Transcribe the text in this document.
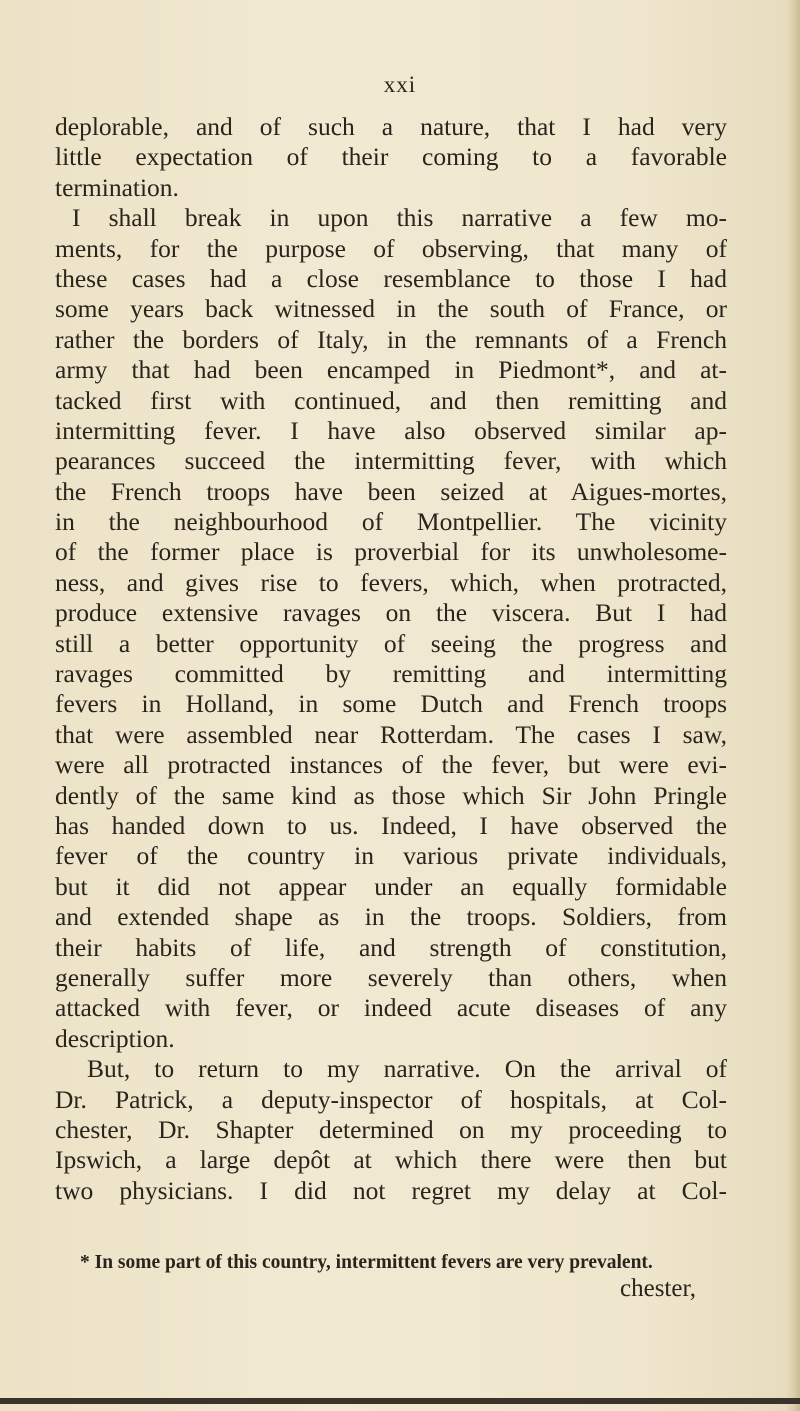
xxi
deplorable, and of such a nature, that I had very
little expectation of their coming to a favorable
termination.
I shall break in upon this narrative a few mo-
ments, for the purpose of observing, that many of
these cases had a close resemblance to those I had
some years back witnessed in the south of France, or
rather the borders of Italy, in the remnants of a French
army that had been encamped in Piedmont*, and at-
tacked first with continued, and then remitting and
intermitting fever. I have also observed similar ap-
pearances succeed the intermitting fever, with which
the French troops have been seized at Aigues-mortes,
in the neighbourhood of Montpellier. The vicinity
of the former place is proverbial for its unwholesome-
ness, and gives rise to fevers, which, when protracted,
produce extensive ravages on the viscera. But I had
still a better opportunity of seeing the progress and
ravages committed by remitting and intermitting
fevers in Holland, in some Dutch and French troops
that were assembled near Rotterdam. The cases I saw,
were all protracted instances of the fever, but were evi-
dently of the same kind as those which Sir John Pringle
has handed down to us. Indeed, I have observed the
fever of the country in various private individuals,
but it did not appear under an equally formidable
and extended shape as in the troops. Soldiers, from
their habits of life, and strength of constitution,
generally suffer more severely than others, when
attacked with fever, or indeed acute diseases of any
description.
But, to return to my narrative. On the arrival of
Dr. Patrick, a deputy-inspector of hospitals, at Col-
chester, Dr. Shapter determined on my proceeding to
Ipswich, a large depôt at which there were then but
two physicians. I did not regret my delay at Col-
* In some part of this country, intermittent fevers are very prevalent.
chester,
